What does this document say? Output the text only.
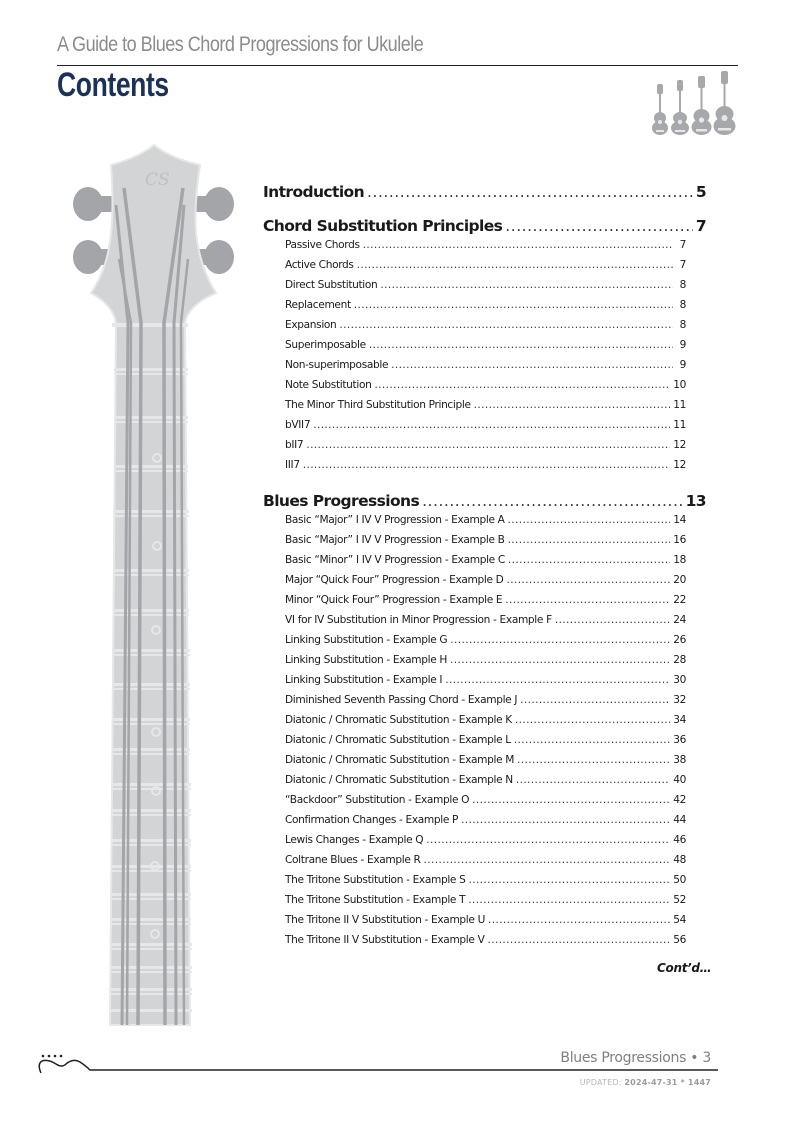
A Guide to Blues Chord Progressions for Ukulele
Contents
CS
Introduction . . .	5
Chord Substitution Principles . . .	7
Passive Chords . . .	7
Active Chords . . .	7
Direct Substitution . . .	8
Replacement . . .	8
Expansion . . .	8
Superimposable . . .	9
Non-superimposable . . .	9
Note Substitution . . .	10
The Minor Third Substitution Principle . . .	11
bVII7 . . .	11
bII7 . . .	12
III7 . . .	12
Blues Progressions . . .	13
Basic “Major” I IV V Progression - Example A . . .	14
Basic “Major” I IV V Progression - Example B . . .	16
Basic “Minor” I IV V Progression - Example C . . .	18
Major “Quick Four” Progression - Example D . . .	20
Minor “Quick Four” Progression - Example E . . .	22
VI for IV Substitution in Minor Progression - Example F . . .	24
Linking Substitution - Example G . . .	26
Linking Substitution - Example H . . .	28
Linking Substitution - Example I . . .	30
Diminished Seventh Passing Chord - Example J . . .	32
Diatonic / Chromatic Substitution - Example K . . .	34
Diatonic / Chromatic Substitution - Example L . . .	36
Diatonic / Chromatic Substitution - Example M . . .	38
Diatonic / Chromatic Substitution - Example N . . .	40
“Backdoor” Substitution - Example O . . .	42
Confirmation Changes - Example P . . .	44
Lewis Changes - Example Q . . .	46
Coltrane Blues - Example R . . .	48
The Tritone Substitution - Example S . . .	50
The Tritone Substitution - Example T . . .	52
The Tritone II V Substitution - Example U . . .	54
The Tritone II V Substitution - Example V . . .	56
Cont’d…
Blues Progressions • 3
UPDATED: 2024-47-31 * 1447
